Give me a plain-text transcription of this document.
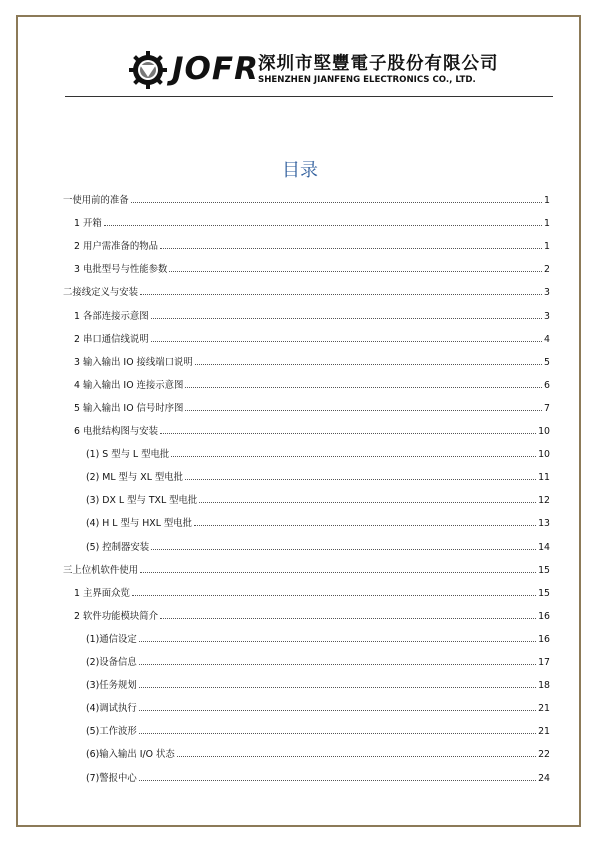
JOFR 深圳市堅豐電子股份有限公司
SHENZHEN JIANFENG ELECTRONICS CO., LTD.
目录
一使用前的准备	1
1 开箱	1
2 用户需准备的物品	1
3 电批型号与性能参数	2
二接线定义与安装	3
1 各部连接示意图	3
2 串口通信线说明	4
3 输入输出 IO 接线端口说明	5
4 输入输出 IO 连接示意图	6
5 输入输出 IO 信号时序图	7
6 电批结构图与安装	10
(1) S 型与 L 型电批	10
(2) ML 型与 XL 型电批	11
(3) DX L 型与 TXL 型电批	12
(4) H L 型与 HXL 型电批	13
(5) 控制器安装	14
三上位机软件使用	15
1 主界面众览	15
2 软件功能模块简介	16
(1)通信设定	16
(2)设备信息	17
(3)任务规划	18
(4)调试执行	21
(5)工作波形	21
(6)输入输出 I/O 状态	22
(7)警报中心	24
